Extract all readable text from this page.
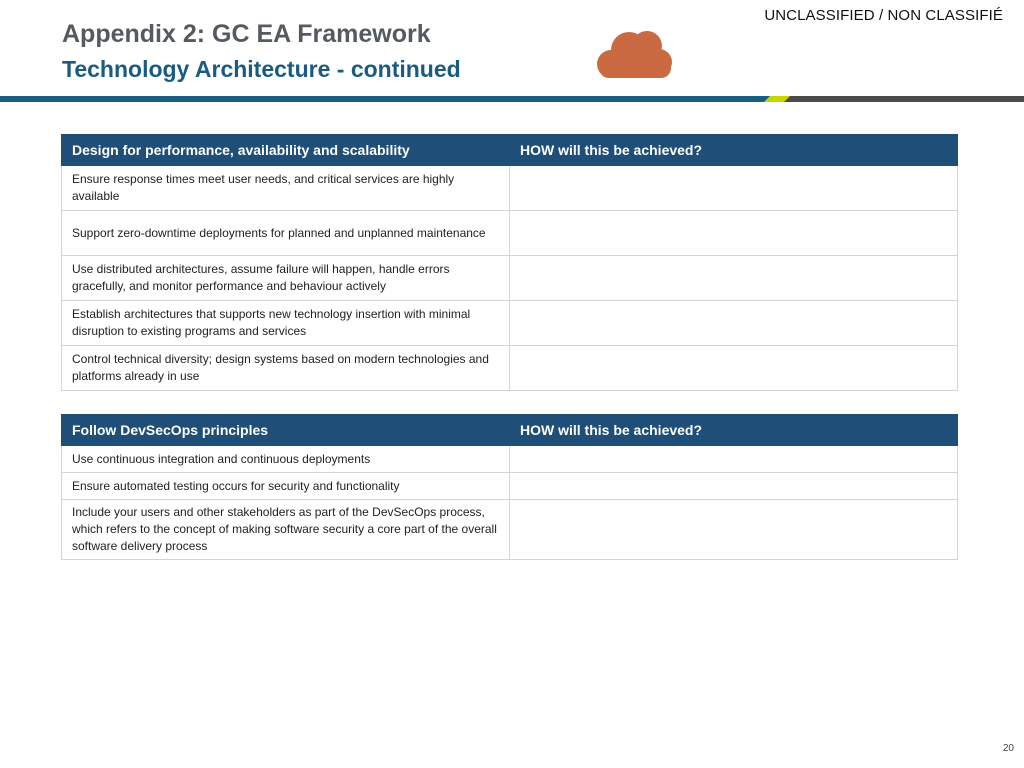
UNCLASSIFIED / NON CLASSIFIÉ
Appendix 2: GC EA Framework
Technology Architecture - continued
Design for performance, availability and scalability	HOW will this be achieved?
Ensure response times meet user needs, and critical services are highly available	
Support zero-downtime deployments for planned and unplanned maintenance	
Use distributed architectures, assume failure will happen, handle errors gracefully, and monitor performance and behaviour actively	
Establish architectures that supports new technology insertion with minimal disruption to existing programs and services	
Control technical diversity; design systems based on modern technologies and platforms already in use	
Follow DevSecOps principles	HOW will this be achieved?
Use continuous integration and continuous deployments	
Ensure automated testing occurs for security and functionality	
Include your users and other stakeholders as part of the DevSecOps process, which refers to the concept of making software security a core part of the overall software delivery process	
20
